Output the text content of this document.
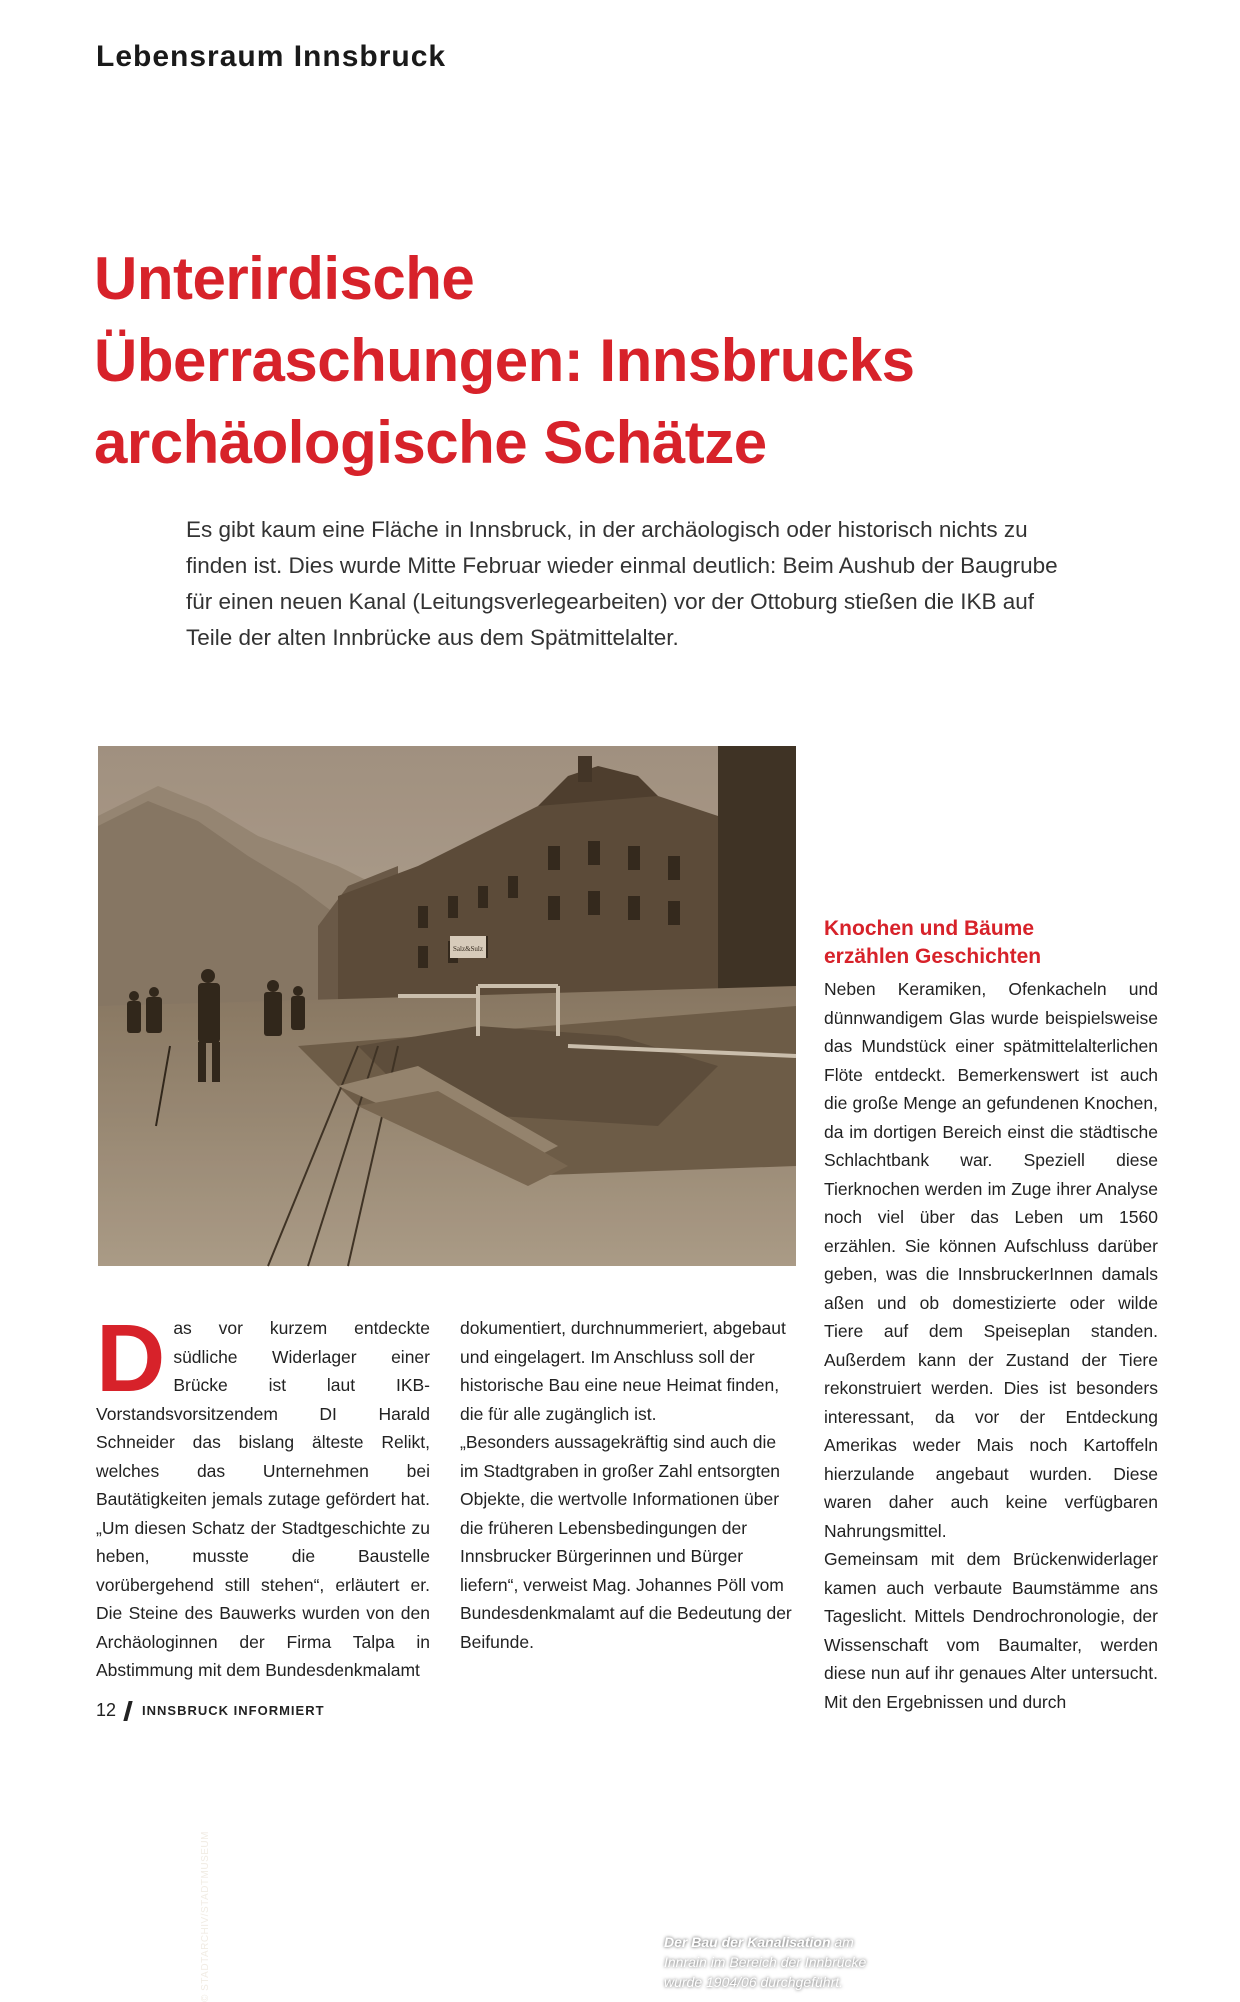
Lebensraum Innsbruck
Unterirdische
Überraschungen: Innsbrucks
archäologische Schätze

Es gibt kaum eine Fläche in Innsbruck, in der archäologisch oder historisch nichts zu finden ist. Dies wurde Mitte Februar wieder einmal deutlich: Beim Aushub der Baugrube für einen neuen Kanal (Leitungsverlegearbeiten) vor der Ottoburg stießen die IKB auf Teile der alten Innbrücke aus dem Spätmittelalter.

Salz&Sulz
© STADTARCHIV/STADTMUSEUM	Der Bau der Kanalisation am Innrain im Bereich der Innbrücke wurde 1904/06 durchgeführt.
D as vor kurzem entdeckte südliche Widerlager einer Brücke ist laut IKB-Vorstandsvorsitzendem DI Harald Schneider das bislang älteste Relikt, welches das Unternehmen bei Bautätigkeiten jemals zutage gefördert hat. „Um diesen Schatz der Stadtgeschichte zu heben, musste die Baustelle vorübergehend still stehen“, erläutert er. Die Steine des Bauwerks wurden von den Archäologinnen der Firma Talpa in Abstimmung mit dem Bundesdenkmalamt

dokumentiert, durchnummeriert, abgebaut und eingelagert. Im Anschluss soll der historische Bau eine neue Heimat finden, die für alle zugänglich ist.

„Besonders aussagekräftig sind auch die im Stadtgraben in großer Zahl entsorgten Objekte, die wertvolle Informationen über die früheren Lebensbedingungen der Innsbrucker Bürgerinnen und Bürger liefern“, verweist Mag. Johannes Pöll vom Bundesdenkmalamt auf die Bedeutung der Beifunde.

Knochen und Bäume
erzählen Geschichten

Neben Keramiken, Ofenkacheln und dünnwandigem Glas wurde beispielsweise das Mundstück einer spätmittelalterlichen Flöte entdeckt. Bemerkenswert ist auch die große Menge an gefundenen Knochen, da im dortigen Bereich einst die städtische Schlachtbank war. Speziell diese Tierknochen werden im Zuge ihrer Analyse noch viel über das Leben um 1560 erzählen. Sie können Aufschluss darüber geben, was die InnsbruckerInnen damals aßen und ob domestizierte oder wilde Tiere auf dem Speiseplan standen. Außerdem kann der Zustand der Tiere rekonstruiert werden. Dies ist besonders interessant, da vor der Entdeckung Amerikas weder Mais noch Kartoffeln hierzulande angebaut wurden. Diese waren daher auch keine verfügbaren Nahrungsmittel.

Gemeinsam mit dem Brückenwiderlager kamen auch verbaute Baumstämme ans Tageslicht. Mittels Dendrochronologie, der Wissenschaft vom Baumalter, werden diese nun auf ihr genaues Alter untersucht. Mit den Ergebnissen und durch

12 INNSBRUCK INFORMIERT
